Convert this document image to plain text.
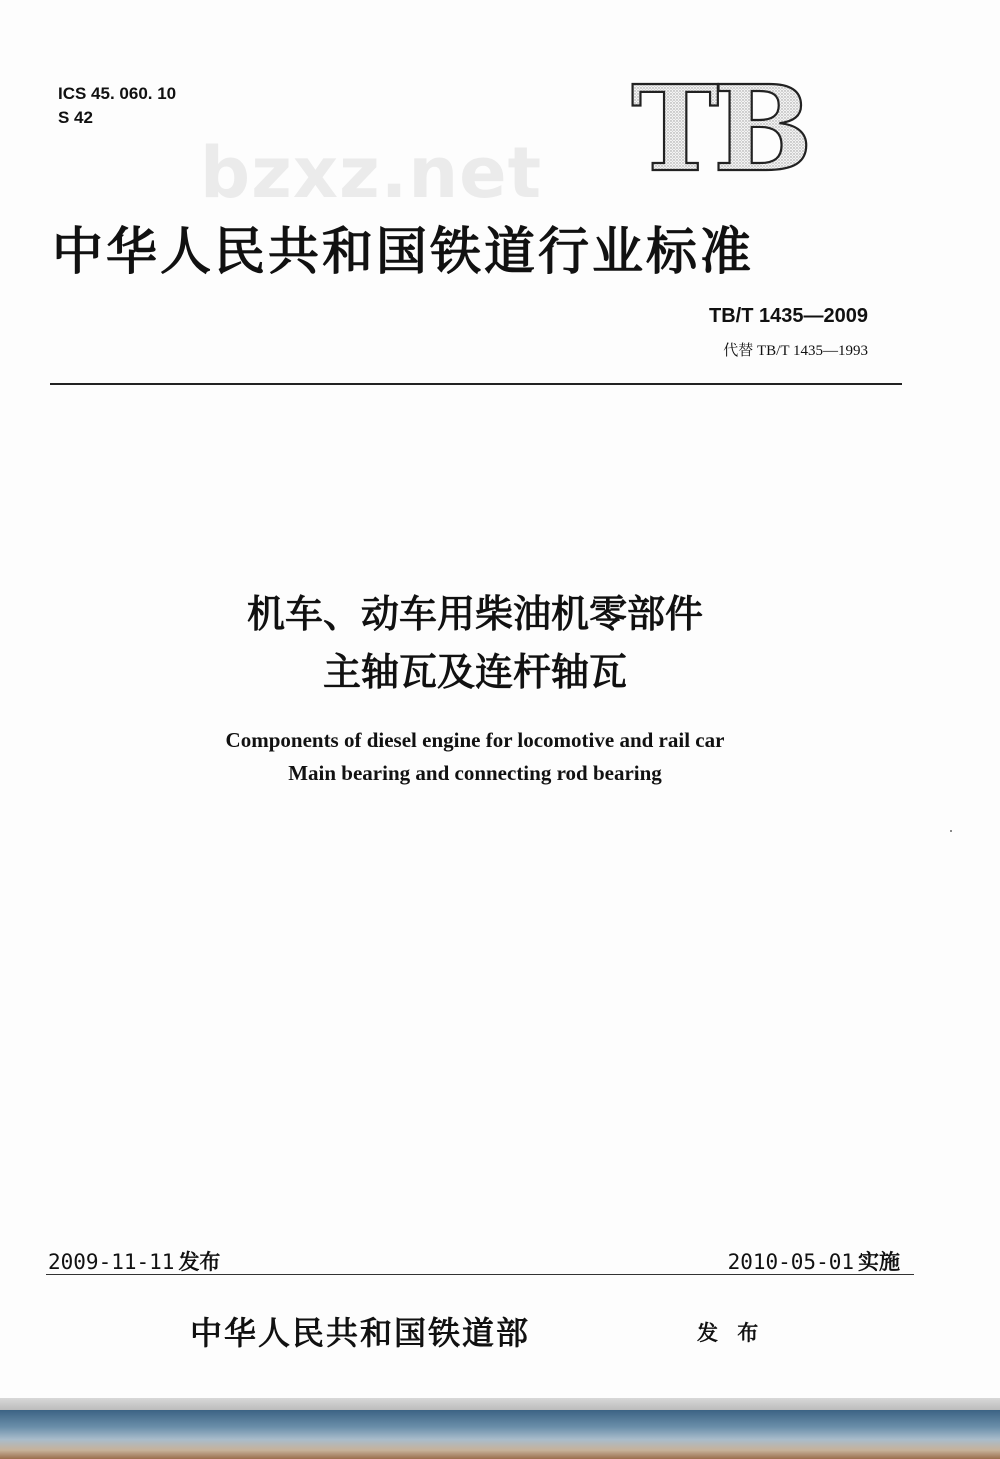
ICS 45. 060. 10
S 42
bzxz.net TB
中华人民共和国铁道行业标准
TB/T 1435—2009
代替 TB/T 1435—1993
机车、动车用柴油机零部件
主轴瓦及连杆轴瓦
Components of diesel engine for locomotive and rail car
Main bearing and connecting rod bearing
2009-11-11 发布	2010-05-01 实施
中华人民共和国铁道部	发 布
